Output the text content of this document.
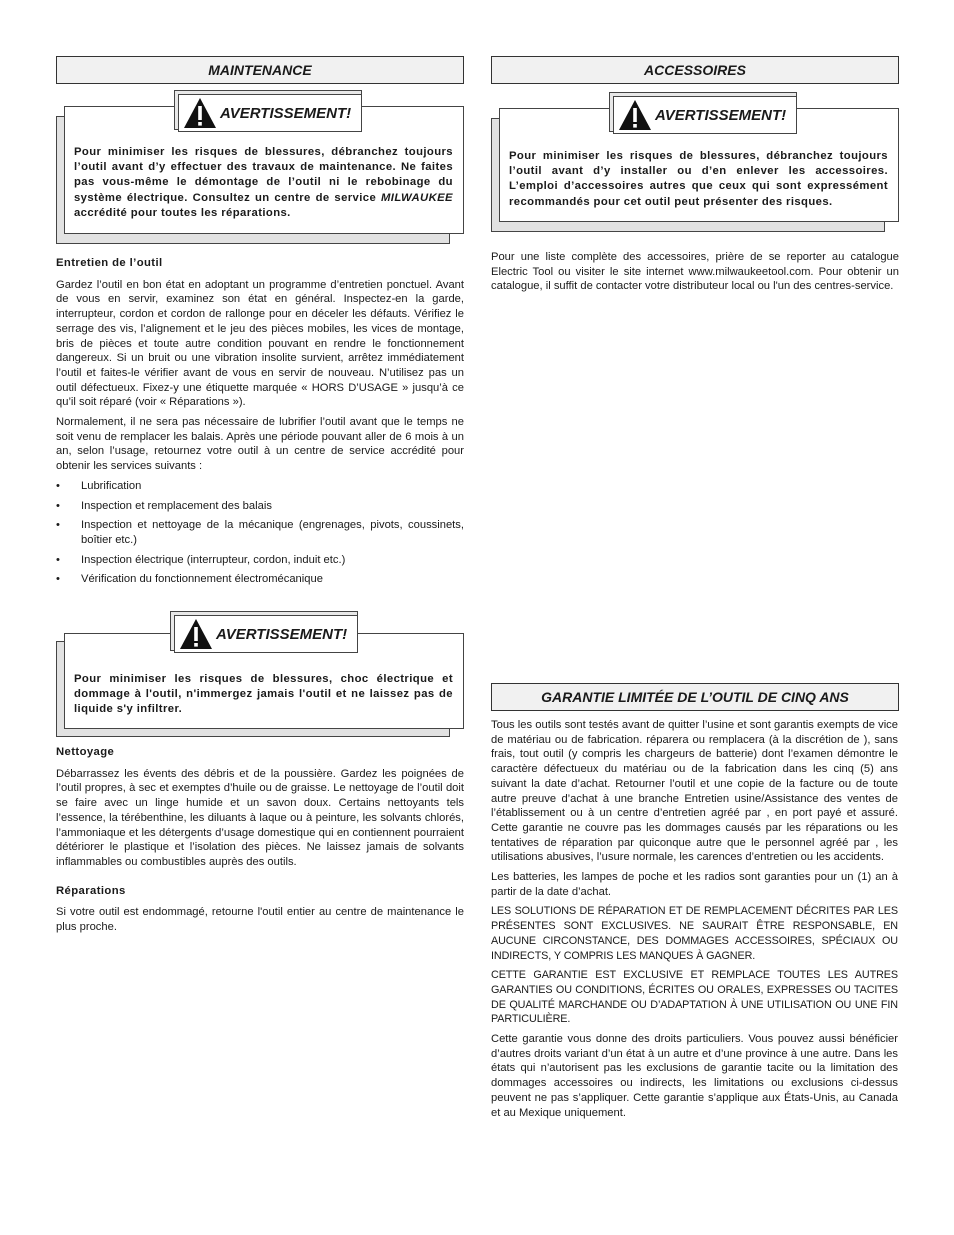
MAINTENANCE
Pour minimiser les risques de blessures, débranchez toujours l’outil avant d’y effectuer des travaux de maintenance. Ne faites pas vous-même le démontage de l’outil ni le rebobinage du système électrique. Consultez un centre de service MILWAUKEE accrédité pour toutes les réparations.
AVERTISSEMENT!
Entretien de l’outil

Gardez l’outil en bon état en adoptant un programme d’entretien ponctuel. Avant de vous en servir, examinez son état en général. Inspectez-en la garde, interrupteur, cordon et cordon de rallonge pour en déceler les défauts. Vérifiez le serrage des vis, l’alignement et le jeu des pièces mobiles, les vices de montage, bris de pièces et toute autre condition pouvant en rendre le fonctionnement dangereux. Si un bruit ou une vibration insolite survient, arrêtez immédiatement l’outil et faites-le vérifier avant de vous en servir de nouveau. N’utilisez pas un outil défectueux. Fixez-y une étiquette marquée « HORS D’USAGE » jusqu’à ce qu’il soit réparé (voir « Réparations »).

Normalement, il ne sera pas nécessaire de lubrifier l’outil avant que le temps ne soit venu de remplacer les balais. Après une période pouvant aller de 6 mois à un an, selon l’usage, retournez votre outil à un centre de service accrédité pour obtenir les services suivants :

• Lubrification
• Inspection et remplacement des balais
• Inspection et nettoyage de la mécanique (engrenages, pivots, coussinets, boîtier etc.)
• Inspection électrique (interrupteur, cordon, induit etc.)
• Vérification du fonctionnement électromécanique
Pour minimiser les risques de blessures, choc électrique et dommage à l'outil, n'immergez jamais l'outil et ne laissez pas de liquide s'y infiltrer.
AVERTISSEMENT!
Nettoyage

Débarrassez les évents des débris et de la poussière. Gardez les poignées de l’outil propres, à sec et exemptes d’huile ou de graisse. Le nettoyage de l’outil doit se faire avec un linge humide et un savon doux. Certains nettoyants tels l’essence, la térébenthine, les diluants à laque ou à peinture, les solvants chlorés, l’ammoniaque et les détergents d’usage domestique qui en contiennent pourraient détériorer le plastique et l’isolation des pièces. Ne laissez jamais de solvants inflammables ou combustibles auprès des outils.

Réparations

Si votre outil est endommagé, retourne l'outil entier au centre de maintenance le plus proche.

ACCESSOIRES
Pour minimiser les risques de blessures, débranchez toujours l’outil avant d’y installer ou d’en enlever les accessoires. L’emploi d’accessoires autres que ceux qui sont expressément recommandés pour cet outil peut présenter des risques.
AVERTISSEMENT!

Pour une liste complète des accessoires, prière de se reporter au catalogue Electric Tool ou visiter le site internet www.milwaukeetool.com. Pour obtenir un catalogue, il suffit de contacter votre distributeur local ou l'un des centres-service.

GARANTIE LIMITÉE DE L’OUTIL DE CINQ ANS

Tous les outils sont testés avant de quitter l’usine et sont garantis exempts de vice de matériau ou de fabrication. réparera ou remplacera (à la discrétion de ), sans frais, tout outil (y compris les chargeurs de batterie) dont l’examen démontre le caractère défectueux du matériau ou de la fabrication dans les cinq (5) ans suivant la date d’achat. Retourner l’outil et une copie de la facture ou de toute autre preuve d’achat à une branche Entretien usine/Assistance des ventes de l’établissement ou à un centre d’entretien agréé par , en port payé et assuré. Cette garantie ne couvre pas les dommages causés par les réparations ou les tentatives de réparation par quiconque autre que le personnel agréé par , les utilisations abusives, l’usure normale, les carences d’entretien ou les accidents.

Les batteries, les lampes de poche et les radios sont garanties pour un (1) an à partir de la date d’achat.

LES SOLUTIONS DE RÉPARATION ET DE REMPLACEMENT DÉCRITES PAR LES PRÉSENTES SONT EXCLUSIVES. NE SAURAIT ÊTRE RESPONSABLE, EN AUCUNE CIRCONSTANCE, DES DOMMAGES ACCESSOIRES, SPÉCIAUX OU INDIRECTS, Y COMPRIS LES MANQUES À GAGNER.

CETTE GARANTIE EST EXCLUSIVE ET REMPLACE TOUTES LES AUTRES GARANTIES OU CONDITIONS, ÉCRITES OU ORALES, EXPRESSES OU TACITES DE QUALITÉ MARCHANDE OU D’ADAPTATION À UNE UTILISATION OU UNE FIN PARTICULIÈRE.

Cette garantie vous donne des droits particuliers. Vous pouvez aussi bénéficier d’autres droits variant d’un état à un autre et d’une province à une autre. Dans les états qui n’autorisent pas les exclusions de garantie tacite ou la limitation des dommages accessoires ou indirects, les limitations ou exclusions ci-dessus peuvent ne pas s’appliquer. Cette garantie s’applique aux États-Unis, au Canada et au Mexique uniquement.
